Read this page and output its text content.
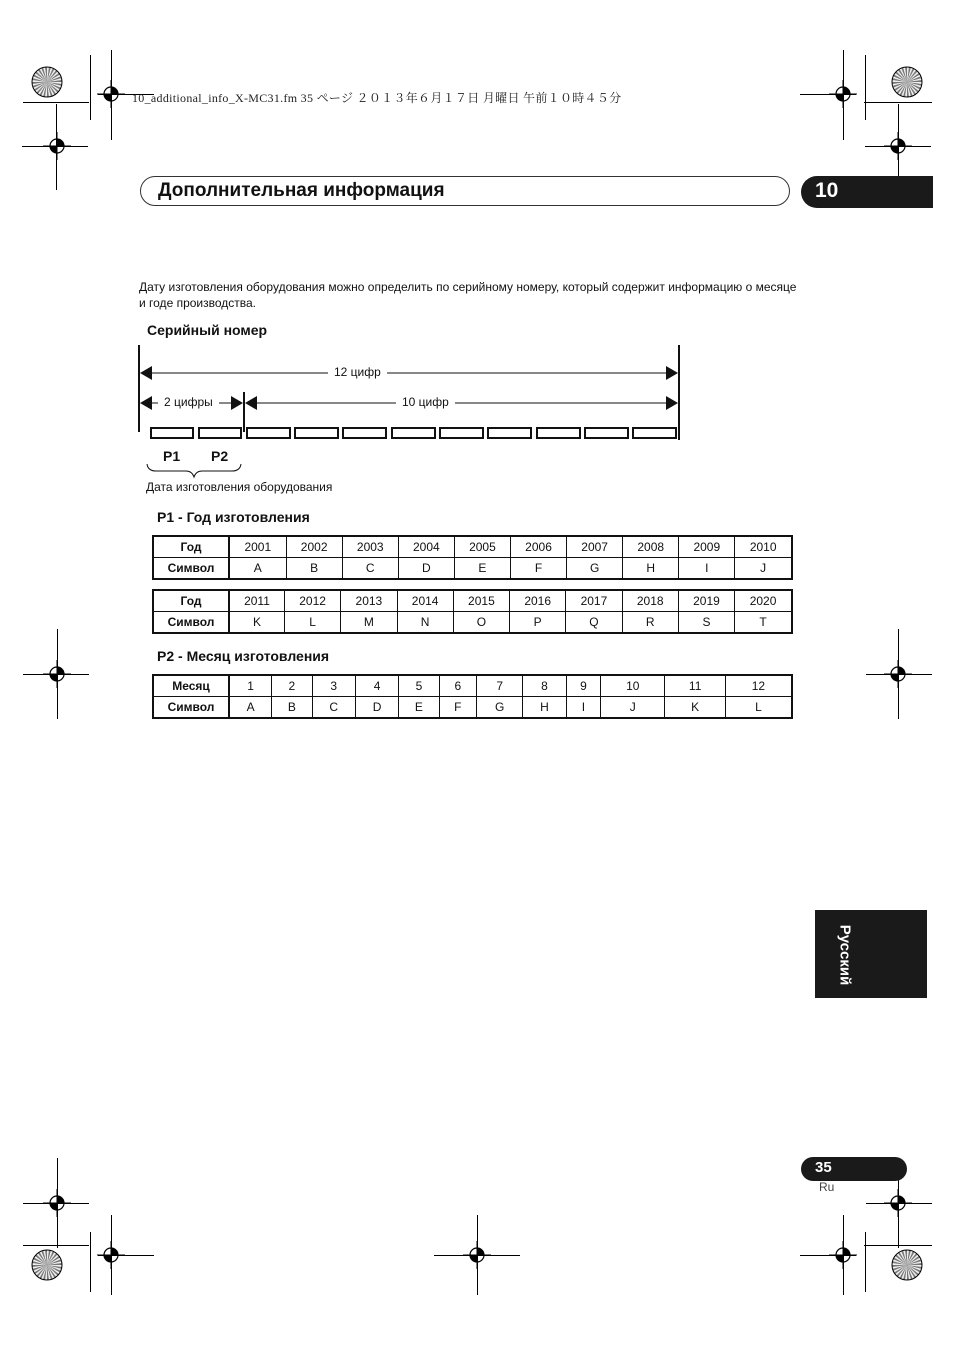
10_additional_info_X-MC31.fm 35 ページ ２０１３年６月１７日 月曜日 午前１０時４５分
Дополнительная информация	10
Дату изготовления оборудования можно определить по серийному номеру, который содержит информацию о месяце и годе производства.
Серийный номер
12 цифр
2 цифры	10 цифр
P1 P2
Дата изготовления оборудования
P1 - Год изготовления
Год	2001	2002	2003	2004	2005	2006	2007	2008	2009	2010
Символ	A	B	C	D	E	F	G	H	I	J
Год	2011	2012	2013	2014	2015	2016	2017	2018	2019	2020
Символ	K	L	M	N	O	P	Q	R	S	T
P2 - Месяц изготовления
Месяц	1	2	3	4	5	6	7	8	9	10	11	12
Символ	A	B	C	D	E	F	G	H	I	J	K	L
Русский
35
Ru
